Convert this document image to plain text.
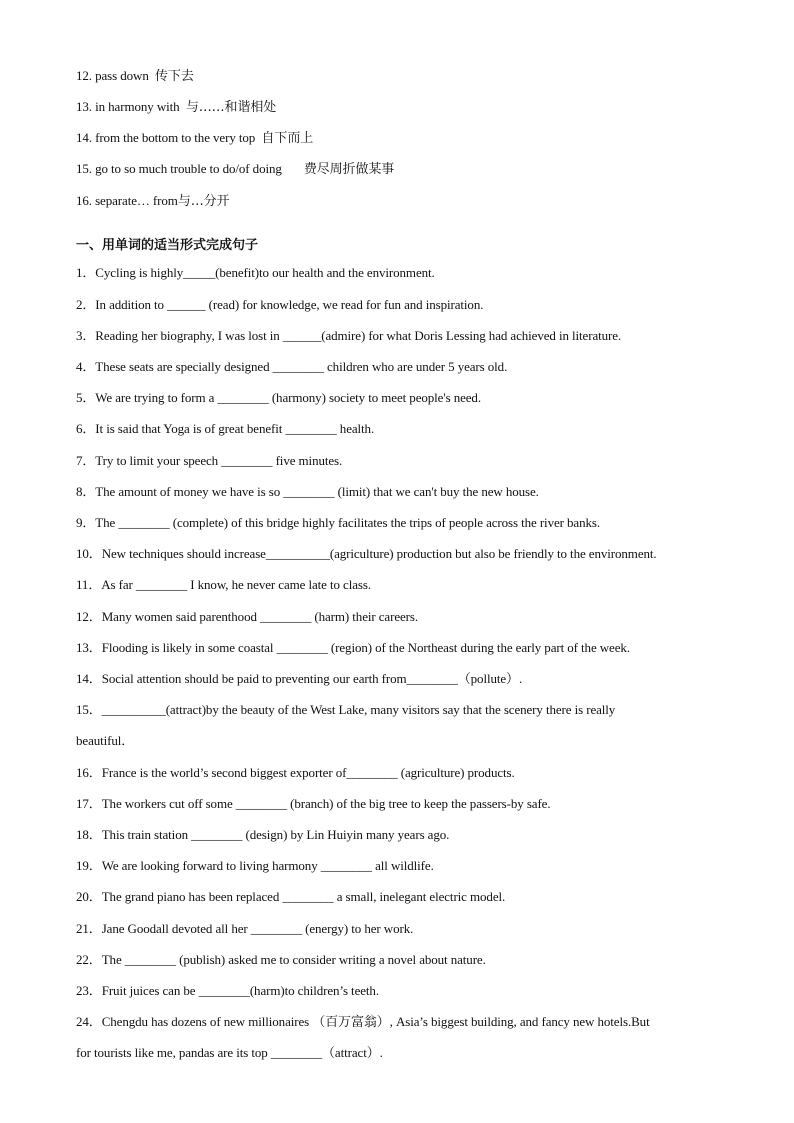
12. pass down 传下去
13. in harmony with 与……和谐相处
14. from the bottom to the very top 自下而上
15. go to so much trouble to do/of doing 费尽周折做某事
16. separate… from与…分开
一、用单词的适当形式完成句子
1．Cycling is highly_____(benefit)to our health and the environment.
2．In addition to ______ (read) for knowledge, we read for fun and inspiration.
3．Reading her biography, I was lost in ______(admire) for what Doris Lessing had achieved in literature.
4．These seats are specially designed ________ children who are under 5 years old.
5．We are trying to form a ________ (harmony) society to meet people's need.
6．It is said that Yoga is of great benefit ________ health.
7．Try to limit your speech ________ five minutes.
8．The amount of money we have is so ________ (limit) that we can't buy the new house.
9．The ________ (complete) of this bridge highly facilitates the trips of people across the river banks.
10．New techniques should increase__________(agriculture) production but also be friendly to the environment.
11．As far ________ I know, he never came late to class.
12．Many women said parenthood ________ (harm) their careers.
13．Flooding is likely in some coastal ________ (region) of the Northeast during the early part of the week.
14．Social attention should be paid to preventing our earth from________（pollute）.
15．__________(attract)by the beauty of the West Lake, many visitors say that the scenery there is really
beautiful．
16．France is the world’s second biggest exporter of________ (agriculture) products.
17．The workers cut off some ________ (branch) of the big tree to keep the passers-by safe.
18．This train station ________ (design) by Lin Huiyin many years ago.
19．We are looking forward to living harmony ________ all wildlife.
20．The grand piano has been replaced ________ a small, inelegant electric model.
21．Jane Goodall devoted all her ________ (energy) to her work.
22．The ________ (publish) asked me to consider writing a novel about nature.
23．Fruit juices can be ________(harm)to children’s teeth.
24．Chengdu has dozens of new millionaires （百万富翁）, Asia’s biggest building, and fancy new hotels.But
for tourists like me, pandas are its top ________（attract）.
